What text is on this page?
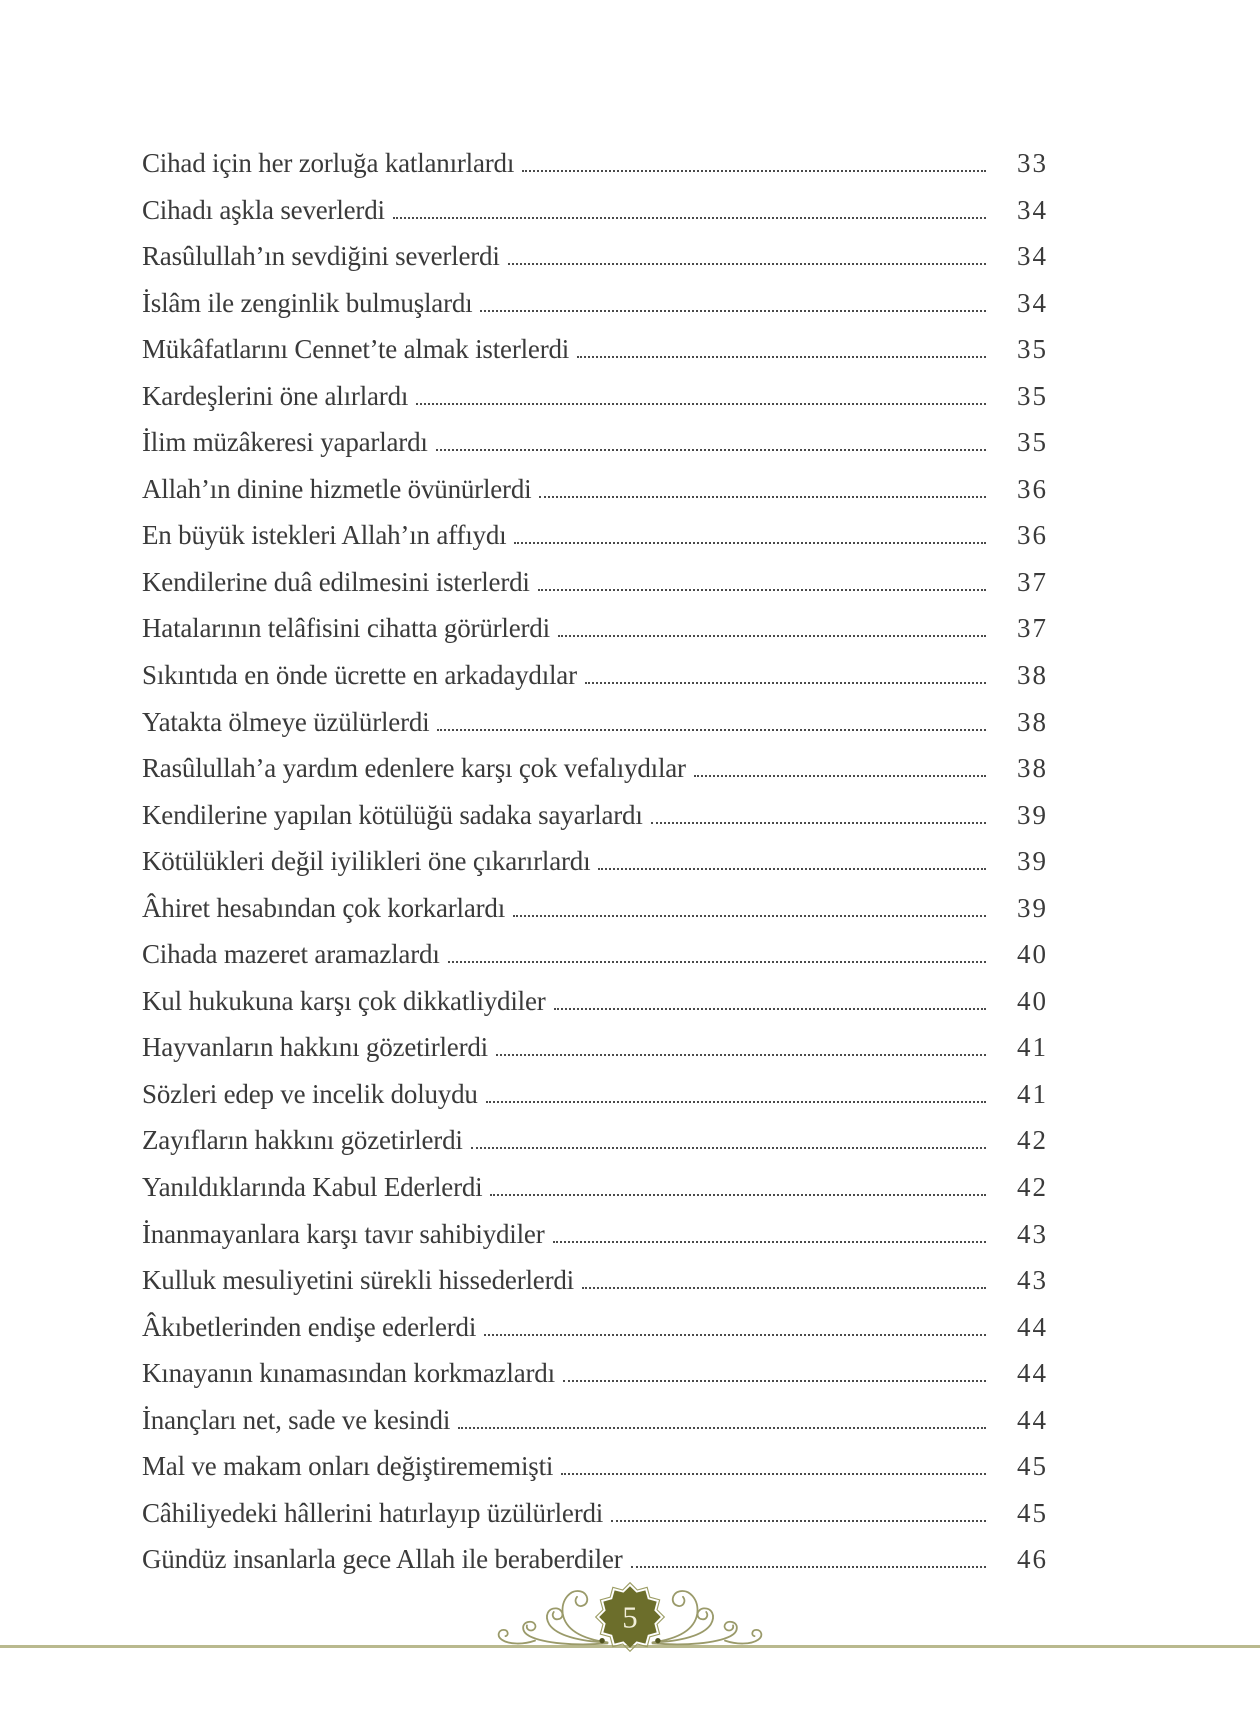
Cihad için her zorluğa katlanırlardı	33
Cihadı aşkla severlerdi	34
Rasûlullah’ın sevdiğini severlerdi	34
İslâm ile zenginlik bulmuşlardı	34
Mükâfatlarını Cennet’te almak isterlerdi	35
Kardeşlerini öne alırlardı	35
İlim müzâkeresi yaparlardı	35
Allah’ın dinine hizmetle övünürlerdi	36
En büyük istekleri Allah’ın affıydı	36
Kendilerine duâ edilmesini isterlerdi	37
Hatalarının telâfisini cihatta görürlerdi	37
Sıkıntıda en önde ücrette en arkadaydılar	38
Yatakta ölmeye üzülürlerdi	38
Rasûlullah’a yardım edenlere karşı çok vefalıydılar	38
Kendilerine yapılan kötülüğü sadaka sayarlardı	39
Kötülükleri değil iyilikleri öne çıkarırlardı	39
Âhiret hesabından çok korkarlardı	39
Cihada mazeret aramazlardı	40
Kul hukukuna karşı çok dikkatliydiler	40
Hayvanların hakkını gözetirlerdi	41
Sözleri edep ve incelik doluydu	41
Zayıfların hakkını gözetirlerdi	42
Yanıldıklarında Kabul Ederlerdi	42
İnanmayanlara karşı tavır sahibiydiler	43
Kulluk mesuliyetini sürekli hissederlerdi	43
Âkıbetlerinden endişe ederlerdi	44
Kınayanın kınamasından korkmazlardı	44
İnançları net, sade ve kesindi	44
Mal ve makam onları değiştirememişti	45
Câhiliyedeki hâllerini hatırlayıp üzülürlerdi	45
Gündüz insanlarla gece Allah ile beraberdiler	46
5
